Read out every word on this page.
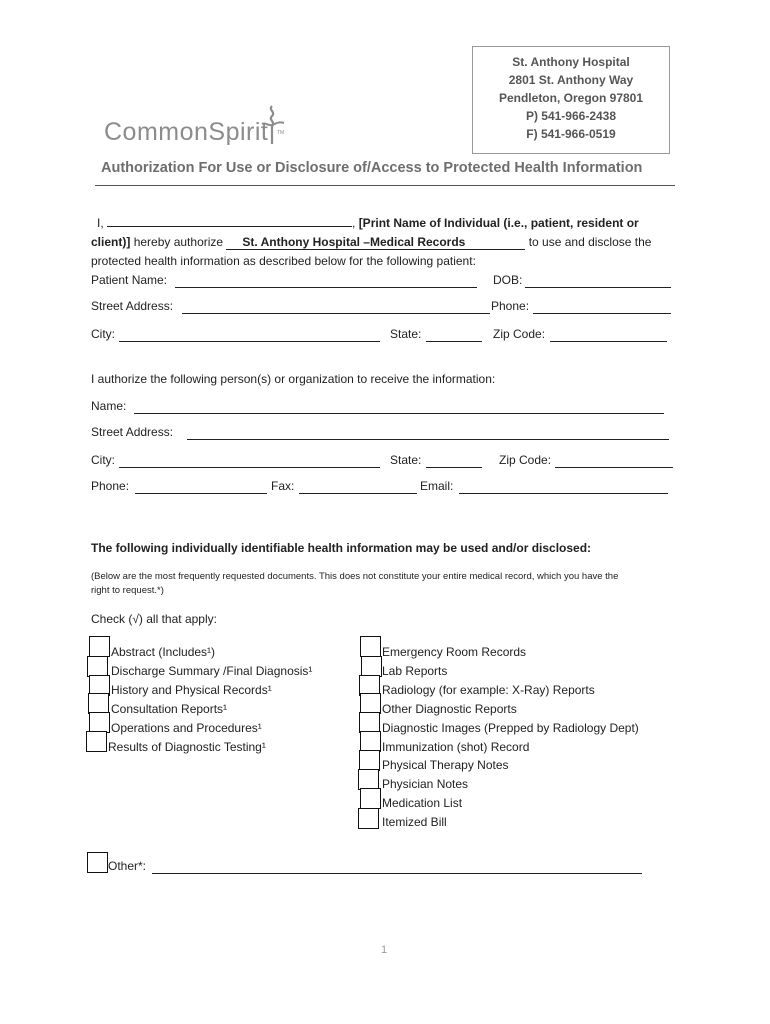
St. Anthony Hospital
2801 St. Anthony Way
Pendleton, Oregon 97801
P) 541-966-2438
F) 541-966-0519
CommonSpirit TM
Authorization For Use or Disclosure of/Access to Protected Health Information
I,	, [Print Name of Individual (i.e., patient, resident or
client)] hereby authorize St. Anthony Hospital –Medical Records	to use and disclose the
protected health information as described below for the following patient:
Patient Name:	DOB:
Street Address:	Phone:
City:	State:	Zip Code:
I authorize the following person(s) or organization to receive the information:
Name:
Street Address:
City:	State:	Zip Code:
Phone:	Fax:	Email:
The following individually identifiable health information may be used and/or disclosed:
(Below are the most frequently requested documents. This does not constitute your entire medical record, which you have the
right to request.*)
Check (√) all that apply:
Abstract (Includes¹)
Discharge Summary /Final Diagnosis¹
History and Physical Records¹
Consultation Reports¹
Operations and Procedures¹
Results of Diagnostic Testing¹
Emergency Room Records
Lab Reports
Radiology (for example: X-Ray) Reports
Other Diagnostic Reports
Diagnostic Images (Prepped by Radiology Dept)
Immunization (shot) Record
Physical Therapy Notes
Physician Notes
Medication List
Itemized Bill
Other*:
1
